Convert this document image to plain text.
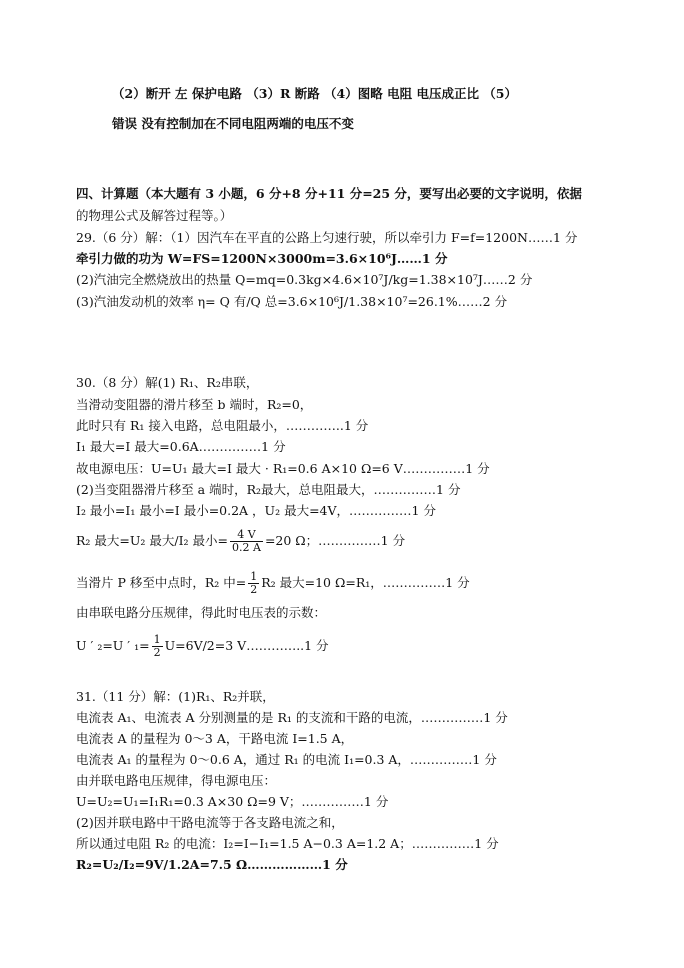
（2）断开 左 保护电路 （3）R 断路 （4）图略 电阻 电压成正比 （5）
错误 没有控制加在不同电阻两端的电压不变
四、计算题（本大题有 3 小题，6 分+8 分+11 分=25 分，要写出必要的文字说明，依据
的物理公式及解答过程等。）
29.（6 分）解：（1）因汽车在平直的公路上匀速行驶，所以牵引力 F=f=1200N……1 分
牵引力做的功为 W=FS=1200N×3000m=3.6×10⁶J……1 分
(2)汽油完全燃烧放出的热量 Q=mq=0.3kg×4.6×10⁷J/kg=1.38×10⁷J……2 分
(3)汽油发动机的效率 η= Q 有/Q 总=3.6×10⁶J/1.38×10⁷=26.1%……2 分
30.（8 分）解(1) R₁、R₂串联，
当滑动变阻器的滑片移至 b 端时，R₂=0，
此时只有 R₁ 接入电路，总电阻最小，…………..1 分
I₁ 最大=I 最大=0.6A……………1 分
故电源电压：U=U₁ 最大=I 最大 · R₁=0.6 A×10 Ω=6 V……………1 分
(2)当变阻器滑片移至 a 端时，R₂最大，总电阻最大，……………1 分
I₂ 最小=I₁ 最小=I 最小=0.2A ，U₂ 最大=4V，……………1 分
R₂ 最大=U₂ 最大/I₂ 最小= $\frac{4 V}{0.2 A} =20$ Ω；……………1 分
当滑片 P 移至中点时，R₂ 中= $\frac{1}{2} R_2$ 最大=10 Ω=R₁，……………1 分
由串联电路分压规律，得此时电压表的示数：
U ′ ₂=U ′ $_1= \frac{1}{2} U=6V/2=3$ V…………..1 分
31.（11 分）解：(1)R₁、R₂并联，
电流表 A₁、电流表 A 分别测量的是 R₁ 的支流和干路的电流，……………1 分
电流表 A 的量程为 0～3 A，干路电流 I=1.5 A，
电流表 A₁ 的量程为 0～0.6 A，通过 R₁ 的电流 I₁=0.3 A，……………1 分
由并联电路电压规律，得电源电压：
U=U₂=U₁=I₁R₁=0.3 A×30 Ω=9 V；……………1 分
(2)因并联电路中干路电流等于各支路电流之和，
所以通过电阻 R₂ 的电流：I₂=I−I₁=1.5 A−0.3 A=1.2 A；……………1 分
R₂=U₂/I₂=9V/1.2A=7.5 Ω………………1 分
